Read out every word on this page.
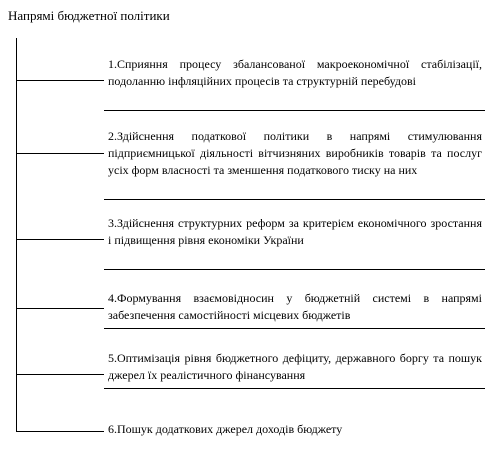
Напрямі бюджетної політики
1.Сприяння процесу збалансованої макроекономічної стабілізації, подоланню інфляційних процесів та структурній перебудові
2.Здійснення податкової політики в напрямі стимулювання підприємницької діяльності вітчизняних виробників товарів та послуг усіх форм власності та зменшення податкового тиску на них
3.Здійснення структурних реформ за критерієм економічного зростання і підвищення рівня економіки України
4.Формування взаємовідносин у бюджетній системі в напрямі забезпечення самостійності місцевих бюджетів
5.Оптимізація рівня бюджетного дефіциту, державного боргу та пошук джерел їх реалістичного фінансування
6.Пошук додаткових джерел доходів бюджету
